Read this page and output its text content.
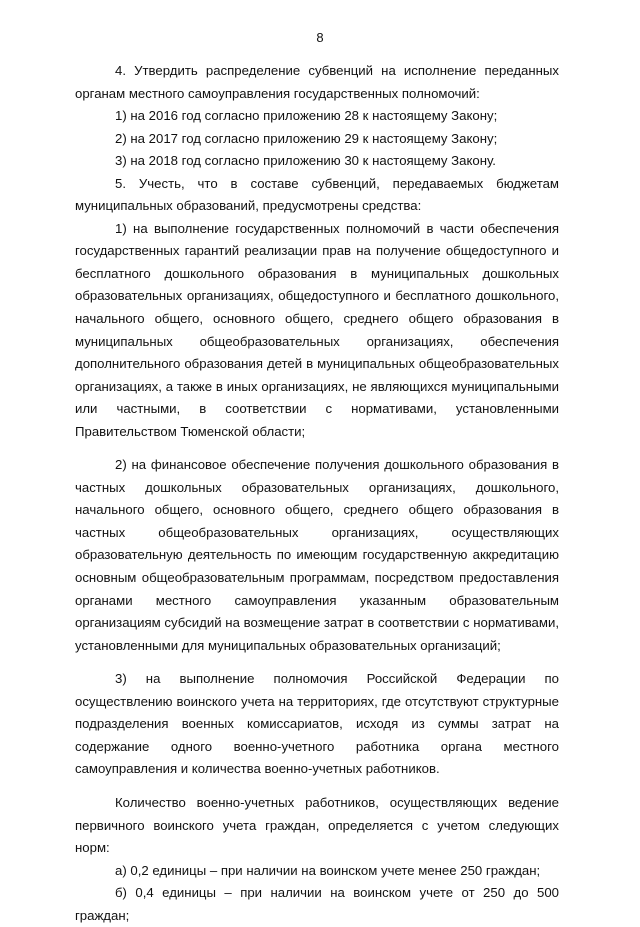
8

4. Утвердить распределение субвенций на исполнение переданных органам местного самоуправления государственных полномочий:

1) на 2016 год согласно приложению 28 к настоящему Закону;

2) на 2017 год согласно приложению 29 к настоящему Закону;

3) на 2018 год согласно приложению 30 к настоящему Закону.

5. Учесть, что в составе субвенций, передаваемых бюджетам муниципальных образований, предусмотрены средства:

1) на выполнение государственных полномочий в части обеспечения государственных гарантий реализации прав на получение общедоступного и бесплатного дошкольного образования в муниципальных дошкольных образовательных организациях, общедоступного и бесплатного дошкольного, начального общего, основного общего, среднего общего образования в муниципальных общеобразовательных организациях, обеспечения дополнительного образования детей в муниципальных общеобразовательных организациях, а также в иных организациях, не являющихся муниципальными или частными, в соответствии с нормативами, установленными Правительством Тюменской области;

2) на финансовое обеспечение получения дошкольного образования в частных дошкольных образовательных организациях, дошкольного, начального общего, основного общего, среднего общего образования в частных общеобразовательных организациях, осуществляющих образовательную деятельность по имеющим государственную аккредитацию основным общеобразовательным программам, посредством предоставления органами местного самоуправления указанным образовательным организациям субсидий на возмещение затрат в соответствии с нормативами, установленными для муниципальных образовательных организаций;

3) на выполнение полномочия Российской Федерации по осуществлению воинского учета на территориях, где отсутствуют структурные подразделения военных комиссариатов, исходя из суммы затрат на содержание одного военно-учетного работника органа местного самоуправления и количества военно-учетных работников.

Количество военно-учетных работников, осуществляющих ведение первичного воинского учета граждан, определяется с учетом следующих норм:

а) 0,2 единицы – при наличии на воинском учете менее 250 граждан;

б) 0,4 единицы – при наличии на воинском учете от 250 до 500 граждан;
